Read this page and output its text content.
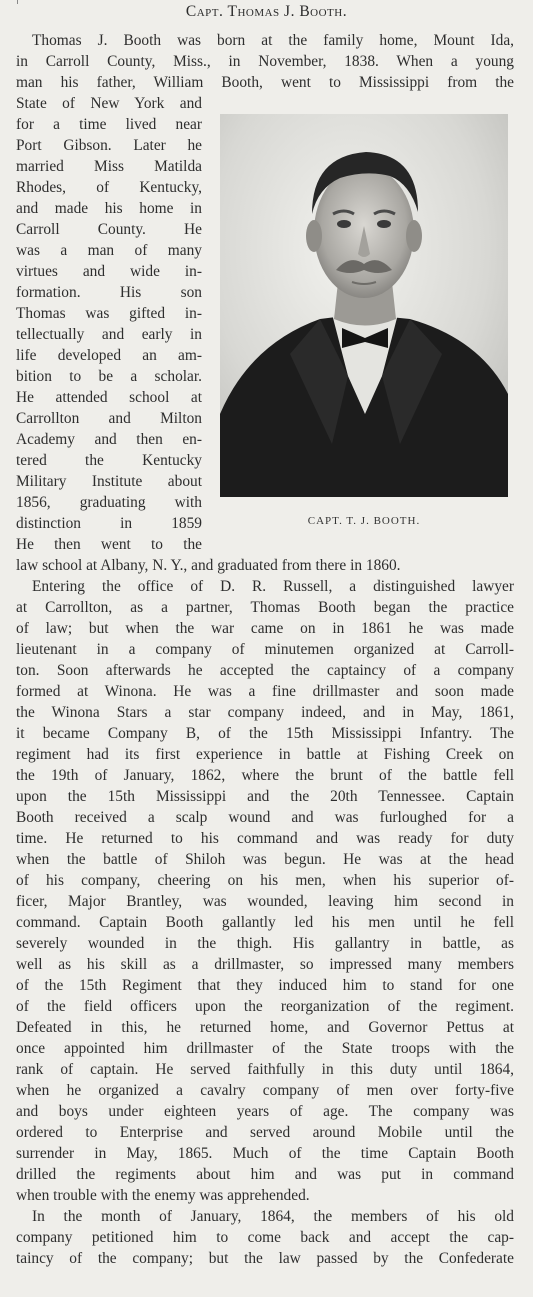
Capt. Thomas J. Booth.
Thomas J. Booth was born at the family home, Mount Ida,
in Carroll County, Miss., in November, 1838. When a young
man his father, William Booth, went to Mississippi from the
State of New York and
for a time lived near
Port Gibson. Later he
married Miss Matilda
Rhodes, of Kentucky,
and made his home in
Carroll County. He
was a man of many
virtues and wide in-
formation. His son
Thomas was gifted in-
tellectually and early in
life developed an am-
bition to be a scholar.
He attended school at
Carrollton and Milton
Academy and then en-
tered the Kentucky
Military Institute about
1856, graduating with
distinction in 1859
He then went to the
CAPT. T. J. BOOTH.
law school at Albany, N. Y., and graduated from there in 1860.
Entering the office of D. R. Russell, a distinguished lawyer
at Carrollton, as a partner, Thomas Booth began the practice
of law; but when the war came on in 1861 he was made
lieutenant in a company of minutemen organized at Carroll-
ton. Soon afterwards he accepted the captaincy of a company
formed at Winona. He was a fine drillmaster and soon made
the Winona Stars a star company indeed, and in May, 1861,
it became Company B, of the 15th Mississippi Infantry. The
regiment had its first experience in battle at Fishing Creek on
the 19th of January, 1862, where the brunt of the battle fell
upon the 15th Mississippi and the 20th Tennessee. Captain
Booth received a scalp wound and was furloughed for a
time. He returned to his command and was ready for duty
when the battle of Shiloh was begun. He was at the head
of his company, cheering on his men, when his superior of-
ficer, Major Brantley, was wounded, leaving him second in
command. Captain Booth gallantly led his men until he fell
severely wounded in the thigh. His gallantry in battle, as
well as his skill as a drillmaster, so impressed many members
of the 15th Regiment that they induced him to stand for one
of the field officers upon the reorganization of the regiment.
Defeated in this, he returned home, and Governor Pettus at
once appointed him drillmaster of the State troops with the
rank of captain. He served faithfully in this duty until 1864,
when he organized a cavalry company of men over forty-five
and boys under eighteen years of age. The company was
ordered to Enterprise and served around Mobile until the
surrender in May, 1865. Much of the time Captain Booth
drilled the regiments about him and was put in command
when trouble with the enemy was apprehended.
In the month of January, 1864, the members of his old
company petitioned him to come back and accept the cap-
taincy of the company; but the law passed by the Confederate
